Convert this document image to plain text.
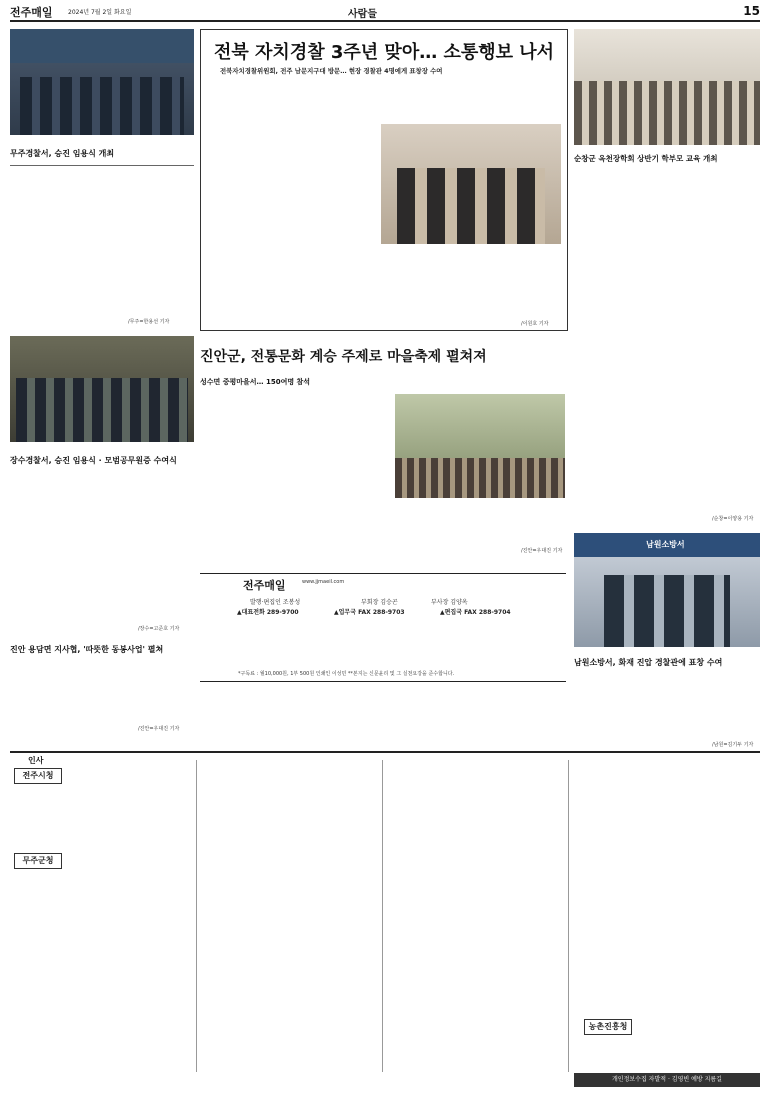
전주매일	2024년 7월 2일 화요일	사람들	15
무주경찰서, 승진 임용식 개최
/무주=한용선 기자
장수경찰서, 승진 임용식 · 모범공무원증 수여식
/장수=고준호 기자
진안 용담면 지사협, '따뜻한 동봉사업' 펼쳐
/진안=우대진 기자
전북 자치경찰 3주년 맞아… 소통행보 나서
전북자치경찰위원회, 전주 남문지구대 방문… 현장 경찰관 4명에게 표창장 수여
/이원호 기자
진안군, 전통문화 계승 주제로 마을축제 펼쳐져
성수면 중평마을서… 150여명 참석
/진안=우대진 기자
전주매일	www.jjmaeil.com
발행·편집인 조봉성	부회장 김승곤	부사장 김양옥
▲대표전화 289-9700	▲업무국 FAX 288-9703	▲편집국 FAX 288-9704
*구독료 : 월10,000원, 1부 500원 인쇄인 이성민 **본지는 신문윤리 및 그 실천요강을 준수합니다.
순창군 옥천장학회 상반기 학부모 교육 개최
/순창=이양용 기자
남원소방서
남원소방서, 화재 진압 경찰관에 표창 수여
/남원=김기두 기자
인사
전주시청
무주군청
농촌진흥청
개인정보수집 자발적 · 김영빈 예방 지름길
